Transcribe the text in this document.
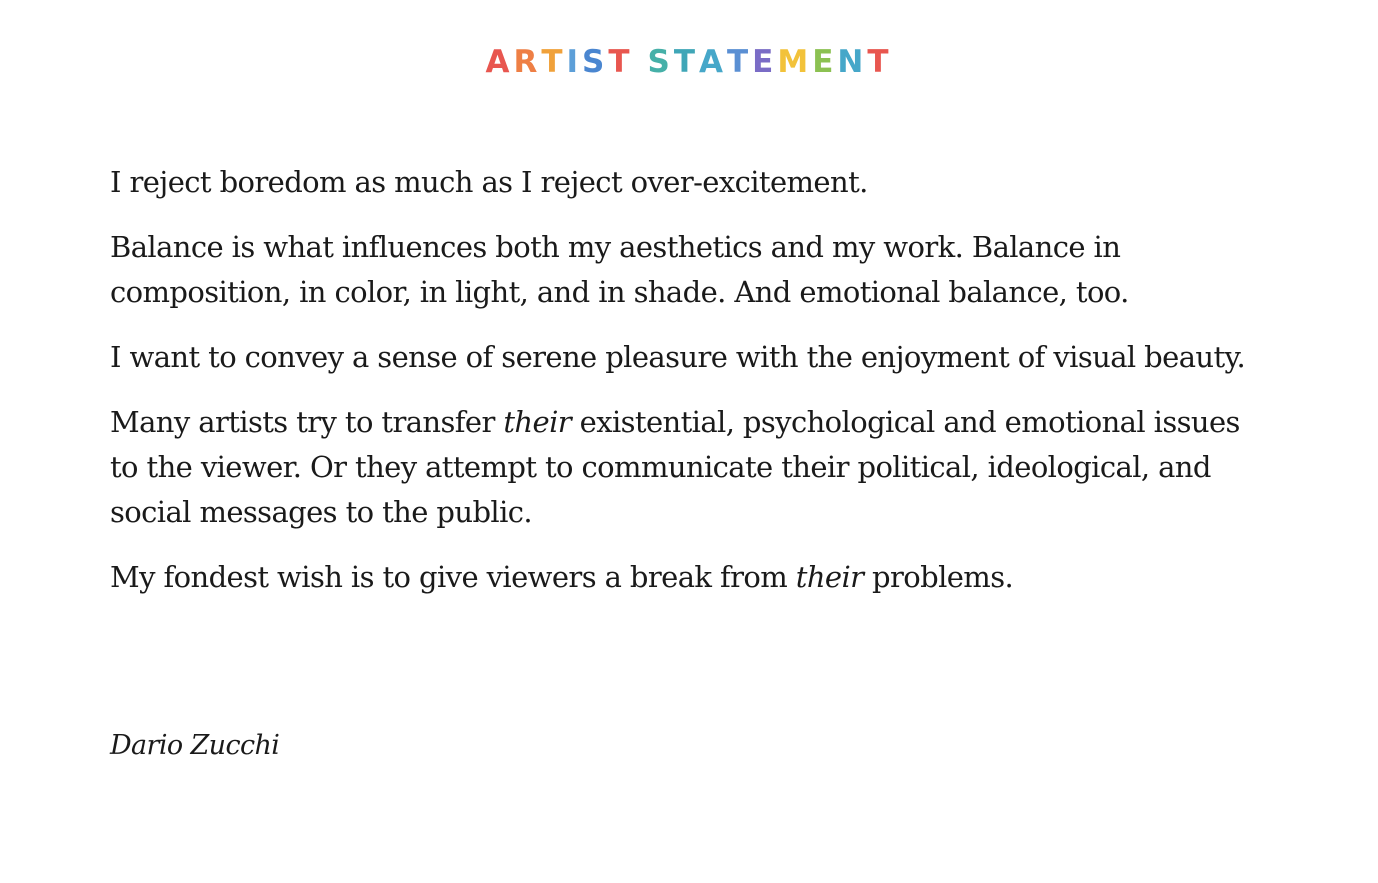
ARTIST STATEMENT

I reject boredom as much as I reject over-excitement.

Balance is what influences both my aesthetics and my work. Balance in composition, in color, in light, and in shade. And emotional balance, too.

I want to convey a sense of serene pleasure with the enjoyment of visual beauty.

Many artists try to transfer their existential, psychological and emotional issues to the viewer. Or they attempt to communicate their political, ideological, and social messages to the public.

My fondest wish is to give viewers a break from their problems.

Dario Zucchi
